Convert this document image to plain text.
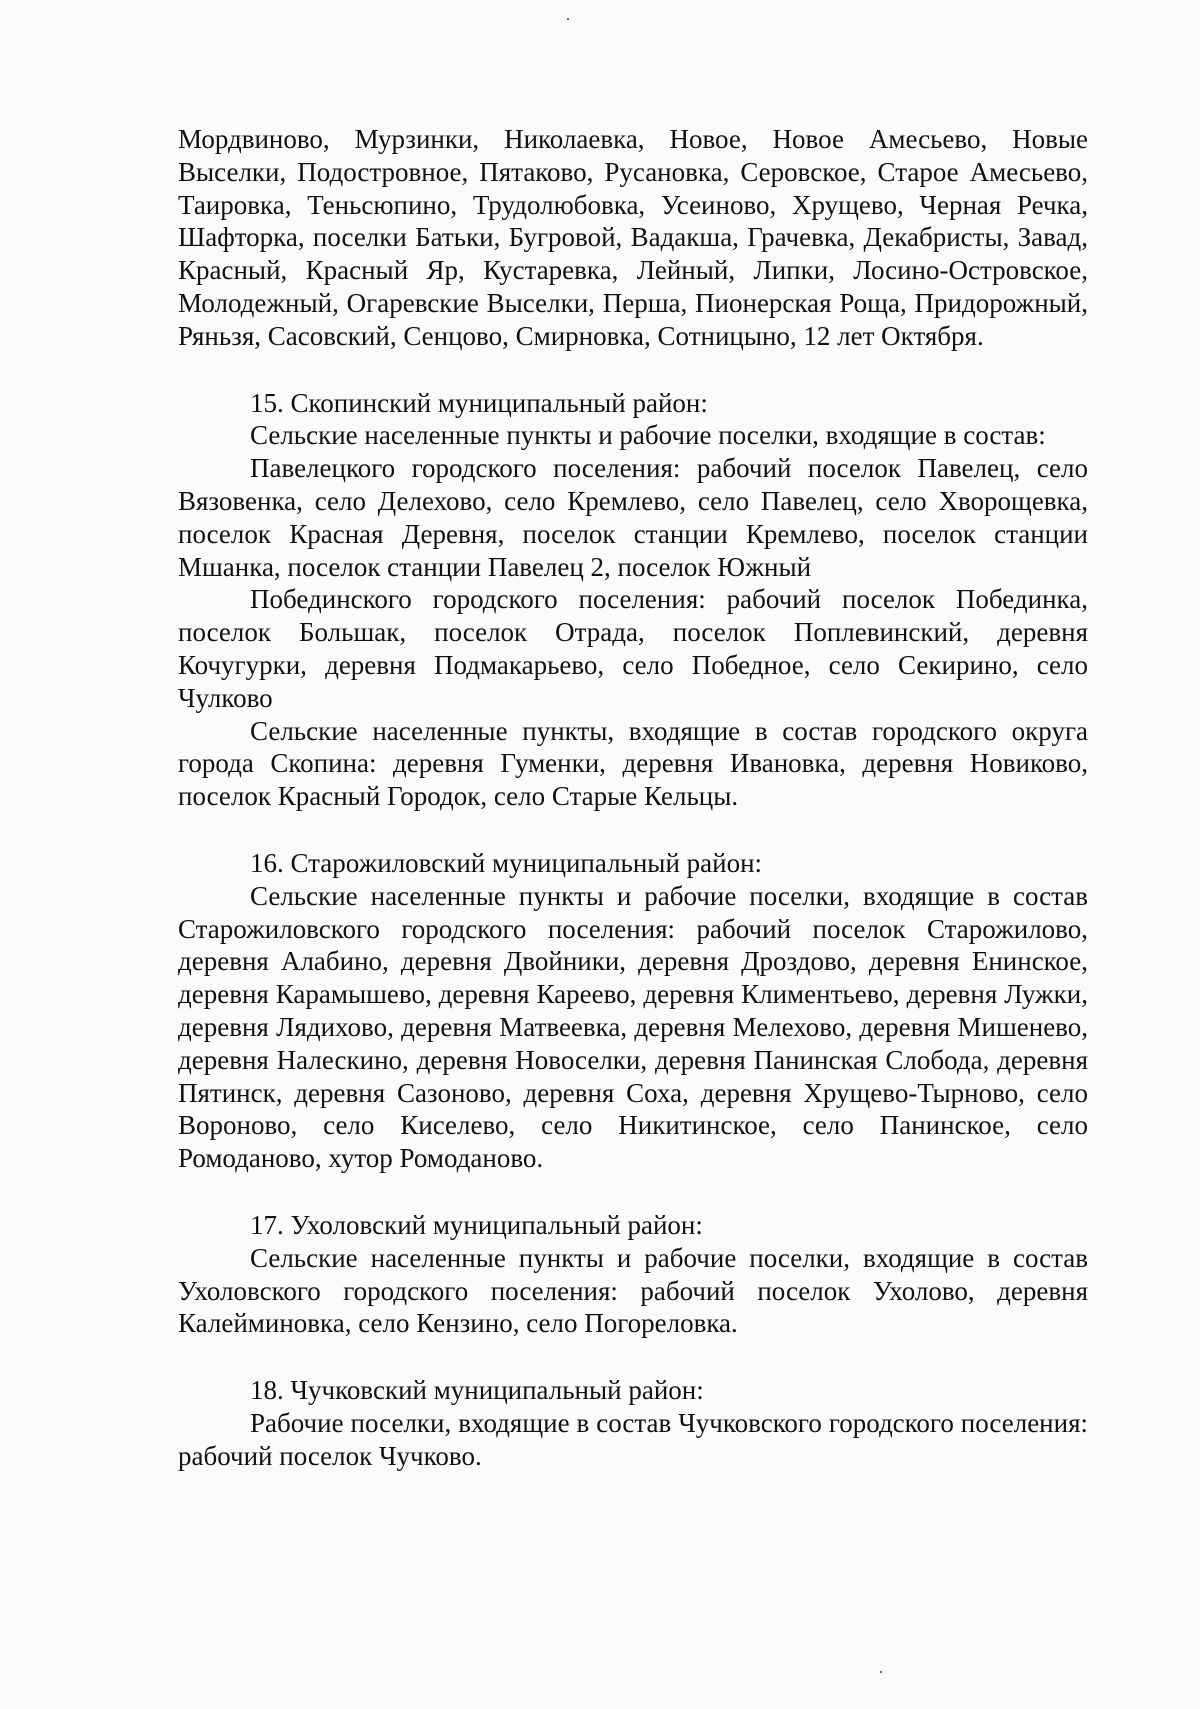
Мордвиново, Мурзинки, Николаевка, Новое, Новое Амесьево, Новые Выселки, Подостровное, Пятаково, Русановка, Серовское, Старое Амесьево, Таировка, Теньсюпино, Трудолюбовка, Усеиново, Хрущево, Черная Речка, Шафторка, поселки Батьки, Бугровой, Вадакша, Грачевка, Декабристы, Завад, Красный, Красный Яр, Кустаревка, Лейный, Липки, Лосино-Островское, Молодежный, Огаревские Выселки, Перша, Пионерская Роща, Придорожный, Ряньзя, Сасовский, Сенцово, Смирновка, Сотницыно, 12 лет Октября.

15. Скопинский муниципальный район:

Сельские населенные пункты и рабочие поселки, входящие в состав:

Павелецкого городского поселения: рабочий поселок Павелец, село Вязовенка, село Делехово, село Кремлево, село Павелец, село Хворощевка, поселок Красная Деревня, поселок станции Кремлево, поселок станции Мшанка, поселок станции Павелец 2, поселок Южный

Побединского городского поселения: рабочий поселок Побединка, поселок Большак, поселок Отрада, поселок Поплевинский, деревня Кочугурки, деревня Подмакарьево, село Победное, село Секирино, село Чулково

Сельские населенные пункты, входящие в состав городского округа города Скопина: деревня Гуменки, деревня Ивановка, деревня Новиково, поселок Красный Городок, село Старые Кельцы.

16. Старожиловский муниципальный район:

Сельские населенные пункты и рабочие поселки, входящие в состав Старожиловского городского поселения: рабочий поселок Старожилово, деревня Алабино, деревня Двойники, деревня Дроздово, деревня Енинское, деревня Карамышево, деревня Кареево, деревня Климентьево, деревня Лужки, деревня Лядихово, деревня Матвеевка, деревня Мелехово, деревня Мишенево, деревня Налескино, деревня Новоселки, деревня Панинская Слобода, деревня Пятинск, деревня Сазоново, деревня Соха, деревня Хрущево-Тырново, село Вороново, село Киселево, село Никитинское, село Панинское, село Ромоданово, хутор Ромоданово.

17. Ухоловский муниципальный район:

Сельские населенные пункты и рабочие поселки, входящие в состав Ухоловского городского поселения: рабочий поселок Ухолово, деревня Калейминовка, село Кензино, село Погореловка.

18. Чучковский муниципальный район:

Рабочие поселки, входящие в состав Чучковского городского поселения: рабочий поселок Чучково.
